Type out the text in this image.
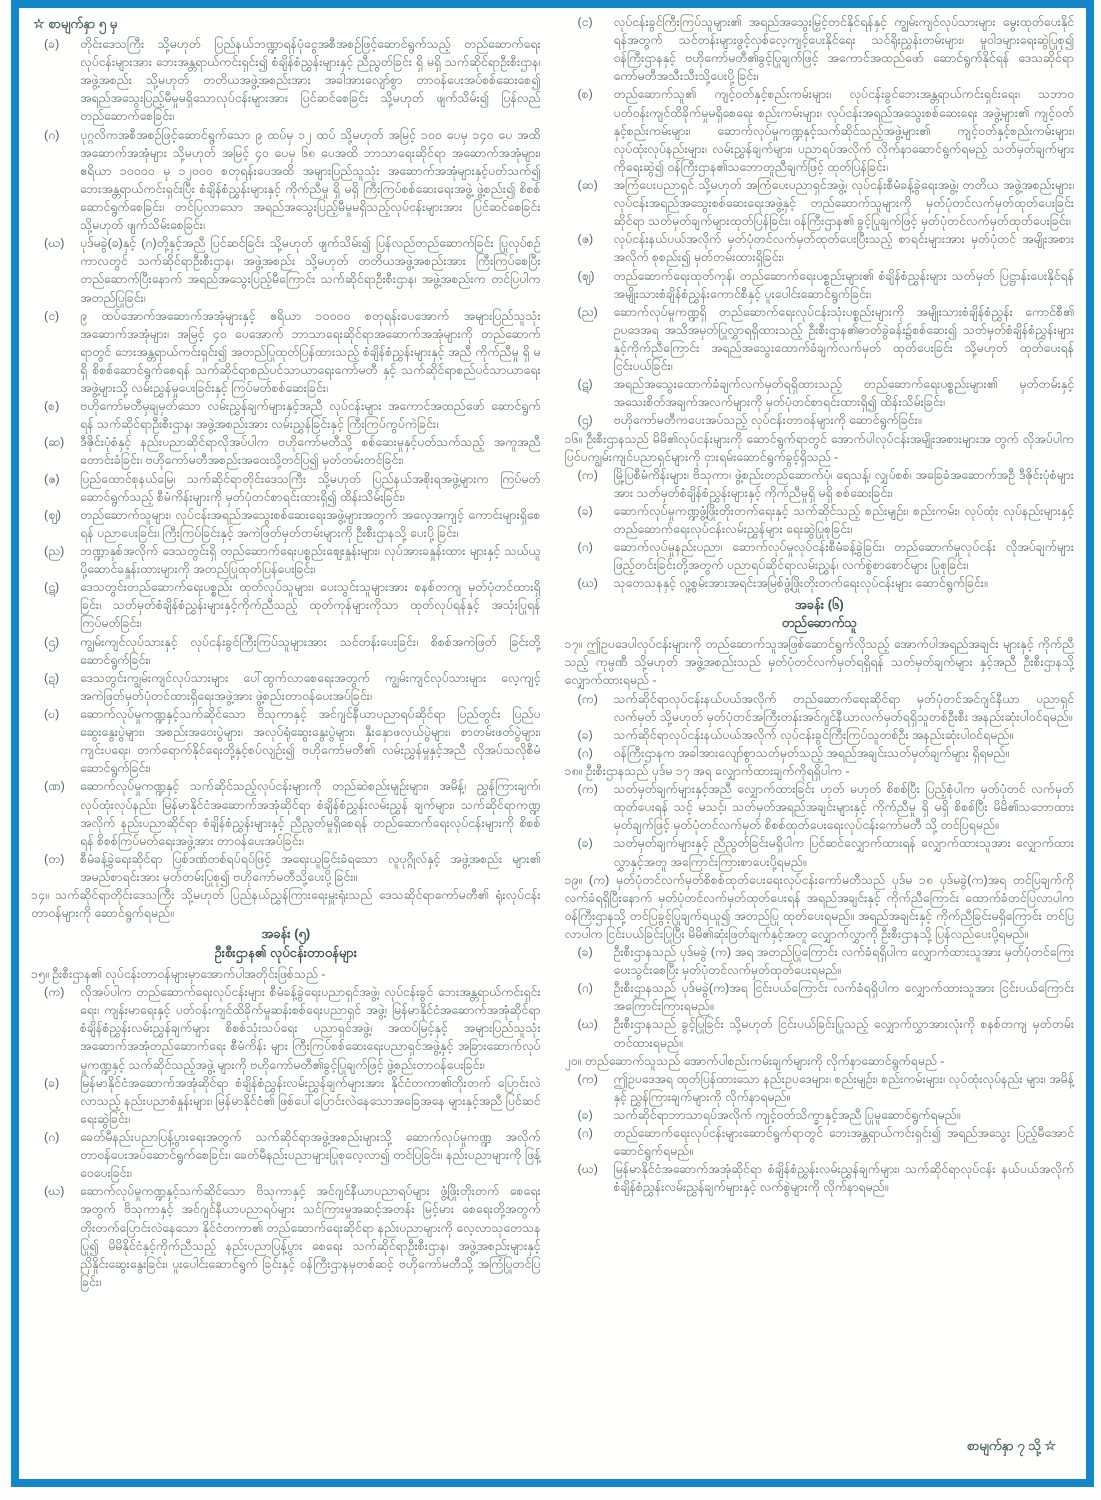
☆ စာမျက်နှာ ၅ မှ
(ခ)	တိုင်းဒေသကြီး သို့မဟုတ် ပြည်နယ်ဘဏ္ဍာရန်ပုံငွေအစီအစဉ်ဖြင့်ဆောင်ရွက်သည့် တည်ဆောက်ရေးလုပ်ငန်းများအား ဘေးအန္တရာယ်ကင်းရှင်း၍ စံချိန်စံညွှန်းများနှင့် ညီညွတ်ခြင်း ရှိ မရှိ သက်ဆိုင်ရာဦးစီးဌာန၊ အဖွဲ့အစည်း သို့မဟုတ် တတိယအဖွဲ့အစည်းအား အခါအားလျော်စွာ တာဝန်ပေးအပ်စစ်ဆေးစေ၍ အရည်အသွေးပြည့်မီမှုမရှိသောလုပ်ငန်းများအား ပြင်ဆင်စေခြင်း သို့မဟုတ် ဖျက်သိမ်း၍ ပြန်လည်တည်ဆောက်စေခြင်း၊
(ဂ)	ပုဂ္ဂလိကအစီအစဉ်ဖြင့်ဆောင်ရွက်သော ၉ ထပ်မှ ၁၂ ထပ် သို့မဟုတ် အမြင့် ၁၀၀ ပေမှ ၁၄၀ ပေ အထိ အဆောက်အအုံများ သို့မဟုတ် အမြင့် ၄၀ ပေမှ ၆၈ ပေအထိ ဘာသာရေးဆိုင်ရာ အဆောက်အအုံများ၊ ဧရိယာ ၁၀၀၀၀ မှ ၁၂၀၀၀ စတုရန်းပေအထိ အများပြည်သူသုံး အဆောက်အအုံများနှင့်ပတ်သက်၍ ဘေးအန္တရာယ်ကင်းရှင်းပြီး စံချိန်စံညွှန်းများနှင့် ကိုက်ညီမှု ရှိ မရှိ ကြီးကြပ်စစ်ဆေးရေးအဖွဲ့ ဖွဲ့စည်း၍ စိစစ်ဆောင်ရွက်စေခြင်း၊ တင်ပြလာသော အရည်အသွေးပြည့်မီမှုမရှိသည့်လုပ်ငန်းများအား ပြင်ဆင်စေခြင်း သို့မဟုတ် ဖျက်သိမ်းစေခြင်း၊
(ဃ)	ပုဒ်မခွဲ(ခ)နှင့် (ဂ)တို့နှင့်အညီ ပြင်ဆင်ခြင်း သို့မဟုတ် ဖျက်သိမ်း၍ ပြန်လည်တည်ဆောက်ခြင်း ပြုလုပ်စဉ်ကာလတွင် သက်ဆိုင်ရာဦးစီးဌာန၊ အဖွဲ့အစည်း သို့မဟုတ် တတိယအဖွဲ့အစည်းအား ကြီးကြပ်စေပြီး တည်ဆောက်ပြီးနောက် အရည်အသွေးပြည့်မီကြောင်း သက်ဆိုင်ရာဦးစီးဌာန၊ အဖွဲ့အစည်းက တင်ပြပါက အတည်ပြုခြင်း၊
(င)	၉ ထပ်အောက်အဆောက်အအုံများနှင့် ဧရိယာ ၁၀၀၀၀ စတုရန်းပေအောက် အများပြည်သူသုံး အဆောက်အအုံများ၊ အမြင့် ၄၀ ပေအောက် ဘာသာရေးဆိုင်ရာအဆောက်အအုံများကို တည်ဆောက်ရာတွင် ဘေးအန္တရာယ်ကင်းရှင်း၍ အတည်ပြုထုတ်ပြန်ထားသည့် စံချိန်စံညွှန်းများနှင့် အညီ ကိုက်ညီမှု ရှိ မရှိ စိစစ်ဆောင်ရွက်စေရန် သက်ဆိုင်ရာစည်ပင်သာယာရေးကော်မတီ နှင့် သက်ဆိုင်ရာစည်ပင်သာယာရေးအဖွဲ့များသို့ လမ်းညွှန်မှုပေးခြင်းနှင့် ကြပ်မတ်စစ်ဆေးခြင်း၊
(စ)	ဗဟိုကော်မတီမှချမှတ်သော လမ်းညွှန်ချက်များနှင့်အညီ လုပ်ငန်းများ အကောင်အထည်ဖော် ဆောင်ရွက်ရန် သက်ဆိုင်ရာဦးစီးဌာန၊ အဖွဲ့အစည်းအား လမ်းညွှန်ခြင်းနှင့် ကြီးကြပ်ကွပ်ကဲခြင်း၊
(ဆ)	ဒီဇိုင်းပုံစံနှင့် နည်းပညာဆိုင်ရာလိုအပ်ပါက ဗဟိုကော်မတီသို့ စစ်ဆေးမှုနှင့်ပတ်သက်သည့် အကူအညီတောင်းခံခြင်း၊ ဗဟိုကော်မတီအစည်းအဝေးသို့တင်ပြ၍ မှတ်တမ်းတင်ခြင်း၊
(ဇ)	ပြည်ထောင်စုနယ်မြေ၊ သက်ဆိုင်ရာတိုင်းဒေသကြီး သို့မဟုတ် ပြည်နယ်အစိုးရအဖွဲ့များက ကြပ်မတ်ဆောင်ရွက်သည့် စီမံကိန်းများကို မှတ်ပုံတင်စာရင်းထားရှိ၍ ထိန်းသိမ်းခြင်း၊
(ဈ)	တည်ဆောက်သူများ၊ လုပ်ငန်းအရည်အသွေးစစ်ဆေးရေးအဖွဲ့များအတွက် အလေ့အကျင့် ကောင်းများရှိစေရန် ပညာပေးခြင်း၊ ကြီးကြပ်ခြင်းနှင့် အကဲဖြတ်မှတ်တမ်းများကို ဦးစီးဌာနသို့ ပေးပို့ခြင်း၊
(ည)	ဘဏ္ဍာနှစ်အလိုက် ဒေသတွင်းရှိ တည်ဆောက်ရေးပစ္စည်းဈေးနှုန်းများ၊ လုပ်အားခနှုန်းထား များနှင့် သယ်ယူပို့ဆောင်ခနှုန်းထားများကို အတည်ပြုထုတ်ပြန်ပေးခြင်း၊
(ဋ)	ဒေသတွင်းတည်ဆောက်ရေးပစ္စည်း ထုတ်လုပ်သူများ၊ ပေးသွင်းသူများအား စနစ်တကျ မှတ်ပုံတင်ထားရှိခြင်း၊ သတ်မှတ်စံချိန်စံညွှန်းများနှင့်ကိုက်ညီသည့် ထုတ်ကုန်များကိုသာ ထုတ်လုပ်ရန်နှင့် အသုံးပြုရန် ကြပ်မတ်ခြင်း၊
(ဌ)	ကျွမ်းကျင်လုပ်သားနှင့် လုပ်ငန်းခွင်ကြီးကြပ်သူများအား သင်တန်းပေးခြင်း၊ စိစစ်အကဲဖြတ် ခြင်းတို့ ဆောင်ရွက်ခြင်း၊
(ဍ)	ဒေသတွင်းကျွမ်းကျင်လုပ်သားများ ပေါ်ထွက်လာစေရေးအတွက် ကျွမ်းကျင်လုပ်သားများ လေ့ကျင့်အကဲဖြတ်မှတ်ပုံတင်ထားရှိရေးအဖွဲ့အား ဖွဲ့စည်းတာဝန်ပေးအပ်ခြင်း၊
(ဎ)	ဆောက်လုပ်မှုကဏ္ဍနှင့်သက်ဆိုင်သော ဗိသုကာနှင့် အင်ဂျင်နီယာပညာရပ်ဆိုင်ရာ ပြည်တွင်း ပြည်ပဆွေးနွေးပွဲများ၊ အစည်းအဝေးပွဲများ၊ အလုပ်ရုံဆွေးနွေးပွဲများ၊ နှီးနှောဖလှယ်ပွဲများ၊ စာတမ်းဖတ်ပွဲများ၊ ကျင်းပရေး၊ တက်ရောက်နိုင်ရေးတို့နှင့်စပ်လျဉ်း၍ ဗဟိုကော်မတီ၏ လမ်းညွှန်မှုနှင့်အညီ လိုအပ်သလိုစီမံဆောင်ရွက်ခြင်း၊
(ဏ)	ဆောက်လုပ်မှုကဏ္ဍနှင့် သက်ဆိုင်သည့်လုပ်ငန်းများကို တည်ဆဲစည်းမျဉ်းများ၊ အမိန့်၊ ညွှန်ကြားချက်၊ လုပ်ထုံးလုပ်နည်း၊ မြန်မာနိုင်ငံအဆောက်အအုံဆိုင်ရာ စံချိန်စံညွှန်းလမ်းညွှန် ချက်များ၊ သက်ဆိုင်ရာကဏ္ဍအလိုက် နည်းပညာဆိုင်ရာ စံချိန်စံညွှန်းများနှင့် ညီညွတ်မှုရှိစေရန် တည်ဆောက်ရေးလုပ်ငန်းများကို စိစစ်ရန် စိစစ်ကြပ်မတ်ရေးအဖွဲ့အား တာဝန်ပေးအပ်ခြင်း၊
(တ)	စီမံခန့်ခွဲရေးဆိုင်ရာ ပြစ်ဒဏ်တစ်ရပ်ရပ်ဖြင့် အရေးယူခြင်းခံရသော လူပုဂ္ဂိုလ်နှင့် အဖွဲ့အစည်း များ၏ အမည်စာရင်းအား မှတ်တမ်းပြုစု၍ ဗဟိုကော်မတီသို့ပေးပို့ခြင်း။
၁၄။ သက်ဆိုင်ရာတိုင်းဒေသကြီး သို့မဟုတ် ပြည်နယ်ညွှန်ကြားရေးမှူးရုံးသည် ဒေသဆိုင်ရာကော်မတီ၏ ရုံးလုပ်ငန်းတာဝန်များကို ဆောင်ရွက်ရမည်။
အခန်း (၅)
ဦးစီးဌာန၏ လုပ်ငန်းတာဝန်များ
၁၅။ ဦးစီးဌာန၏ လုပ်ငန်းတာဝန်များမှာအောက်ပါအတိုင်းဖြစ်သည် -
(က)	လိုအပ်ပါက တည်ဆောက်ရေးလုပ်ငန်းများ စီမံခန့်ခွဲရေးပညာရှင်အဖွဲ့၊ လုပ်ငန်းခွင် ဘေးအန္တရာယ်ကင်းရှင်းရေး၊ ကျန်းမာရေးနှင့် ပတ်ဝန်းကျင်ထိခိုက်မှုဆန်းစစ်ရေးပညာရှင် အဖွဲ့၊ မြန်မာနိုင်ငံအဆောက်အအုံဆိုင်ရာ စံချိန်စံညွှန်းလမ်းညွှန်ချက်များ စိစစ်သုံးသပ်ရေး ပညာရှင်အဖွဲ့၊ အထပ်မြင့်နှင့် အများပြည်သူသုံးအဆောက်အအုံတည်ဆောက်ရေး စီမံကိန်း များ ကြီးကြပ်စစ်ဆေးရေးပညာရှင်အဖွဲ့နှင့် အခြားဆောက်လုပ်မှုကဏ္ဍနှင့် သက်ဆိုင်သည့်အဖွဲ့ များကို ဗဟိုကော်မတီ၏ခွင့်ပြုချက်ဖြင့် ဖွဲ့စည်းတာဝန်ပေးခြင်း၊
(ခ)	မြန်မာနိုင်ငံအဆောက်အအုံဆိုင်ရာ စံချိန်စံညွှန်းလမ်းညွှန်ချက်များအား နိုင်ငံတကာ၏တိုးတက် ပြောင်းလဲလာသည့် နည်းပညာစံနှုန်းများ၊ မြန်မာနိုင်ငံ၏ ဖြစ်ပေါ်ပြောင်းလဲနေသောအခြေအနေ များနှင့်အညီ ပြင်ဆင်ရေးဆွဲခြင်း၊
(ဂ)	ခေတ်မီနည်းပညာပြန့်ပွားရေးအတွက် သက်ဆိုင်ရာအဖွဲ့အစည်းများသို့ ဆောက်လုပ်မှုကဏ္ဍ အလိုက် တာဝန်ပေးအပ်ဆောင်ရွက်စေခြင်း၊ ခေတ်မီနည်းပညာများပြုစုလေ့လာ၍ တင်ပြခြင်း၊ နည်းပညာများကို ဖြန့်ဝေပေးခြင်း၊
(ဃ)	ဆောက်လုပ်မှုကဏ္ဍနှင့်သက်ဆိုင်သော ဗိသုကာနှင့် အင်ဂျင်နီယာပညာရပ်များ ဖွံ့ဖြိုးတိုးတက် စေရေးအတွက် ဗိသုကာနှင့် အင်ဂျင်နီယာပညာရပ်များ သင်ကြားမှုအဆင့်အတန်း မြင့်မား စေရေးတို့အတွက် တိုးတက်ပြောင်းလဲနေသော နိုင်ငံတကာ၏ တည်ဆောက်ရေးဆိုင်ရာ နည်းပညာများကို လေ့လာသုတေသနပြု၍ မိမိနိုင်ငံနှင့်ကိုက်ညီသည့် နည်းပညာပြန့်ပွား စေရေး သက်ဆိုင်ရာဦးစီးဌာန၊ အဖွဲ့အစည်းများနှင့် ညှိနှိုင်းဆွေးနွေးခြင်း၊ ပူးပေါင်းဆောင်ရွက် ခြင်းနှင့် ဝန်ကြီးဌာနမှတစ်ဆင့် ဗဟိုကော်မတီသို့ အကြံပြုတင်ပြခြင်း၊
(င)	လုပ်ငန်းခွင်ကြီးကြပ်သူများ၏ အရည်အသွေးမြှင့်တင်နိုင်ရန်နှင့် ကျွမ်းကျင်လုပ်သားများ မွေးထုတ်ပေးနိုင်ရန်အတွက် သင်တန်းများဖွင့်လှစ်လေ့ကျင့်ပေးနိုင်ရေး သင်ရိုးညွှန်းတမ်းများ၊ မူဝါဒများရေးဆွဲပြုစု၍ ဝန်ကြီးဌာနနှင့် ဗဟိုကော်မတီ၏ခွင့်ပြုချက်ဖြင့် အကောင်အထည်ဖော် ဆောင်ရွက်နိုင်ရန် ဒေသဆိုင်ရာကော်မတီအသီးသီးသို့ပေးပို့ခြင်း၊
(စ)	တည်ဆောက်သူ၏ ကျင့်ဝတ်နှင့်စည်းကမ်းများ၊ လုပ်ငန်းခွင်ဘေးအန္တရာယ်ကင်းရှင်းရေး၊ သဘာဝပတ်ဝန်းကျင်ထိခိုက်မှုမရှိစေရေး စည်းကမ်းများ၊ လုပ်ငန်းအရည်အသွေးစစ်ဆေးရေး အဖွဲ့များ၏ ကျင့်ဝတ်နှင့်စည်းကမ်းများ၊ ဆောက်လုပ်မှုကဏ္ဍနှင့်သက်ဆိုင်သည့်အဖွဲ့များ၏ ကျင့်ဝတ်နှင့်စည်းကမ်းများ၊ လုပ်ထုံးလုပ်နည်းများ၊ လမ်းညွှန်ချက်များ၊ ပညာရပ်အလိုက် လိုက်နာဆောင်ရွက်ရမည့် သတ်မှတ်ချက်များကိုရေးဆွဲ၍ ဝန်ကြီးဌာန၏သဘောတူညီချက်ဖြင့် ထုတ်ပြန်ခြင်း၊
(ဆ)	အကြံပေးပညာရှင် သို့မဟုတ် အကြံပေးပညာရှင်အဖွဲ့၊ လုပ်ငန်းစီမံခန့်ခွဲရေးအဖွဲ့၊ တတိယ အဖွဲ့အစည်းများ၊ လုပ်ငန်းအရည်အသွေးစစ်ဆေးရေးအဖွဲ့နှင့် တည်ဆောက်သူများကို မှတ်ပုံတင်လက်မှတ်ထုတ်ပေးခြင်းဆိုင်ရာ သတ်မှတ်ချက်များထုတ်ပြန်ခြင်း၊ ဝန်ကြီးဌာန၏ ခွင့်ပြုချက်ဖြင့် မှတ်ပုံတင်လက်မှတ်ထုတ်ပေးခြင်း၊
(ဇ)	လုပ်ငန်းနယ်ပယ်အလိုက် မှတ်ပုံတင်လက်မှတ်ထုတ်ပေးပြီးသည့် စာရင်းများအား မှတ်ပုံတင် အမျိုးအစားအလိုက် စုစည်း၍ မှတ်တမ်းထားရှိခြင်း၊
(ဈ)	တည်ဆောက်ရေးထုတ်ကုန်၊ တည်ဆောက်ရေးပစ္စည်းများ၏ စံချိန်စံညွှန်းများ သတ်မှတ် ပြဋ္ဌာန်းပေးနိုင်ရန် အမျိုးသားစံချိန်စံညွှန်းကောင်စီနှင့် ပူးပေါင်းဆောင်ရွက်ခြင်း၊
(ည)	ဆောက်လုပ်မှုကဏ္ဍရှိ တည်ဆောက်ရေးလုပ်ငန်းသုံးပစ္စည်းများကို အမျိုးသားစံချိန်စံညွှန်း ကောင်စီ၏ ဥပဒေအရ အသိအမှတ်ပြုလွှာရရှိထားသည့် ဦးစီးဌာန၏ဓာတ်ခွဲခန်း၌စစ်ဆေး၍ သတ်မှတ်စံချိန်စံညွှန်းများနှင့်ကိုက်ညီကြောင်း အရည်အသွေးထောက်ခံချက်လက်မှတ် ထုတ်ပေးခြင်း သို့မဟုတ် ထုတ်ပေးရန်ငြင်းပယ်ခြင်း၊
(ဋ)	အရည်အသွေးထောက်ခံချက်လက်မှတ်ရရှိထားသည့် တည်ဆောက်ရေးပစ္စည်းများ၏ မှတ်တမ်းနှင့် အသေးစိတ်အချက်အလက်များကို မှတ်ပုံတင်စာရင်းထားရှိ၍ ထိန်းသိမ်းခြင်း၊
(ဌ)	ဗဟိုကော်မတီကပေးအပ်သည့် လုပ်ငန်းတာဝန်များကို ဆောင်ရွက်ခြင်း။
၁၆။ ဦးစီးဌာနသည် မိမိ၏လုပ်ငန်းများကို ဆောင်ရွက်ရာတွင် အောက်ပါလုပ်ငန်းအမျိုးအစားများအ တွက် လိုအပ်ပါက ပြင်ပကျွမ်းကျင်ပညာရှင်များကို ငှားရမ်းဆောင်ရွက်ခွင့်ရှိသည် -
(က)	မြို့ပြစီမံကိန်းများ၊ ဗိသုကာ၊ ဖွဲ့စည်းတည်ဆောက်ပုံ၊ ရေသန့်၊ လျှပ်စစ်၊ အခြေခံအဆောက်အဦ ဒီဇိုင်းပုံစံများအား သတ်မှတ်စံချိန်စံညွှန်းများနှင့် ကိုက်ညီမှုရှိ မရှိ စစ်ဆေးခြင်း၊
(ခ)	ဆောက်လုပ်မှုကဏ္ဍဖွံ့ဖြိုးတိုးတက်ရေးနှင့် သက်ဆိုင်သည့် စည်းမျဉ်း၊ စည်းကမ်း၊ လုပ်ထုံး လုပ်နည်းများနှင့် တည်ဆောက်ရေးလုပ်ငန်းလမ်းညွှန်များ ရေးဆွဲပြုစုခြင်း၊
(ဂ)	ဆောက်လုပ်မှုနည်းပညာ၊ ဆောက်လုပ်မှုလုပ်ငန်းစီမံခန့်ခွဲခြင်း၊ တည်ဆောက်မှုလုပ်ငန်း လိုအပ်ချက်များ ဖြည့်တင်းခြင်းတို့အတွက် ပညာရပ်ဆိုင်ရာလမ်းညွှန်၊ လက်စွဲစာစောင်များ ပြုစုခြင်း၊
(ဃ)	သုတေသနနှင့် လူ့စွမ်းအားအရင်းအမြစ်ဖွံ့ဖြိုးတိုးတက်ရေးလုပ်ငန်းများ ဆောင်ရွက်ခြင်း။
အခန်း (၆)
တည်ဆောက်သူ
၁၇။ ဤဥပဒေပါလုပ်ငန်းများကို တည်ဆောက်သူအဖြစ်ဆောင်ရွက်လိုသည့် အောက်ပါအရည်အချင်း များနှင့် ကိုက်ညီသည့် ကုမ္ပဏီ သို့မဟုတ် အဖွဲ့အစည်းသည် မှတ်ပုံတင်လက်မှတ်ရရှိရန် သတ်မှတ်ချက်များ နှင့်အညီ ဦးစီးဌာနသို့ လျှောက်ထားရမည် -
(က)	သက်ဆိုင်ရာလုပ်ငန်းနယ်ပယ်အလိုက် တည်ဆောက်ရေးဆိုင်ရာ မှတ်ပုံတင်အင်ဂျင်နီယာ ပညာရှင်လက်မှတ် သို့မဟုတ် မှတ်ပုံတင်အကြီးတန်းအင်ဂျင်နီယာလက်မှတ်ရရှိသူတစ်ဦးစီး အနည်းဆုံးပါဝင်ရမည်။
(ခ)	သက်ဆိုင်ရာလုပ်ငန်းနယ်ပယ်အလိုက် လုပ်ငန်းခွင်ကြီးကြပ်သူတစ်ဦး အနည်းဆုံးပါဝင်ရမည်။
(ဂ)	ဝန်ကြီးဌာနက အခါအားလျော်စွာသတ်မှတ်သည့် အရည်အချင်းသတ်မှတ်ချက်များ ရှိရမည်။
၁၈။ ဦးစီးဌာနသည် ပုဒ်မ ၁၇ အရ လျှောက်ထားချက်ကိုရရှိပါက -
(က)	သတ်မှတ်ချက်များနှင့်အညီ လျှောက်ထားခြင်း ဟုတ် မဟုတ် စိစစ်ပြီး ပြည့်စုံပါက မှတ်ပုံတင် လက်မှတ်ထုတ်ပေးရန် သင့် မသင့်၊ သတ်မှတ်အရည်အချင်းများနှင့် ကိုက်ညီမှု ရှိ မရှိ စိစစ်ပြီး မိမိ၏သဘောထားမှတ်ချက်ဖြင့် မှတ်ပုံတင်လက်မှတ် စိစစ်ထုတ်ပေးရေးလုပ်ငန်းကော်မတီ သို့ တင်ပြရမည်။
(ခ)	သတ်မှတ်ချက်များနှင့် ညီညွတ်ခြင်းမရှိပါက ပြင်ဆင်လျှောက်ထားရန် လျှောက်ထားသူအား လျှောက်ထားလွှာနှင့်အတူ အကြောင်းကြားစာပေးပို့ရမည်။
၁၉။ (က) မှတ်ပုံတင်လက်မှတ်စိစစ်ထုတ်ပေးရေးလုပ်ငန်းကော်မတီသည် ပုဒ်မ ၁၈ ပုဒ်မခွဲ(က)အရ တင်ပြချက်ကို လက်ခံရရှိပြီးနောက် မှတ်ပုံတင်လက်မှတ်ထုတ်ပေးရန် အရည်အချင်းနှင့် ကိုက်ညီကြောင်း ထောက်ခံတင်ပြလာပါက ဝန်ကြီးဌာနသို့ တင်ပြခွင့်ပြုချက်ရယူ၍ အတည်ပြု ထုတ်ပေးရမည်။ အရည်အချင်းနှင့် ကိုက်ညီခြင်းမရှိကြောင်း တင်ပြလာပါက ငြင်းပယ်ခြင်းပြုပြီး မိမိ၏ဆုံးဖြတ်ချက်နှင့်အတူ လျှောက်လွှာကို ဦးစီးဌာနသို့ ပြန်လည်ပေးပို့ရမည်။
(ခ)	ဦးစီးဌာနသည် ပုဒ်မခွဲ (က) အရ အတည်ပြုကြောင်း လက်ခံရရှိပါက လျှောက်ထားသူအား မှတ်ပုံတင်ကြေးပေးသွင်းစေပြီး မှတ်ပုံတင်လက်မှတ်ထုတ်ပေးရမည်။
(ဂ)	ဦးစီးဌာနသည် ပုဒ်မခွဲ(က)အရ ငြင်းပယ်ကြောင်း လက်ခံရရှိပါက လျှောက်ထားသူအား ငြင်းပယ်ကြောင်း အကြောင်းကြားရမည်။
(ဃ)	ဦးစီးဌာနသည် ခွင့်ပြုခြင်း သို့မဟုတ် ငြင်းပယ်ခြင်းပြုသည့် လျှောက်လွှာအားလုံးကို စနစ်တကျ မှတ်တမ်းတင်ထားရမည်။
၂၀။ တည်ဆောက်သူသည် အောက်ပါစည်းကမ်းချက်များကို လိုက်နာဆောင်ရွက်ရမည် -
(က)	ဤဥပဒေအရ ထုတ်ပြန်ထားသော နည်းဥပဒေများ၊ စည်းမျဉ်း၊ စည်းကမ်းများ၊ လုပ်ထုံးလုပ်နည်း များ၊ အမိန့်နှင့် ညွှန်ကြားချက်များကို လိုက်နာရမည်။
(ခ)	သက်ဆိုင်ရာဘာသာရပ်အလိုက် ကျင့်ဝတ်သိက္ခာနှင့်အညီ ပြုမူဆောင်ရွက်ရမည်။
(ဂ)	တည်ဆောက်ရေးလုပ်ငန်းများဆောင်ရွက်ရာတွင် ဘေးအန္တရာယ်ကင်းရှင်း၍ အရည်အသွေး ပြည့်မီအောင် ဆောင်ရွက်ရမည်။
(ဃ)	မြန်မာနိုင်ငံအဆောက်အအုံဆိုင်ရာ စံချိန်စံညွှန်းလမ်းညွှန်ချက်များ၊ သက်ဆိုင်ရာလုပ်ငန်း နယ်ပယ်အလိုက် စံချိန်စံညွှန်းလမ်းညွှန်ချက်များနှင့် လက်စွဲများကို လိုက်နာရမည်။
စာမျက်နှာ ၇ သို့ ☆
